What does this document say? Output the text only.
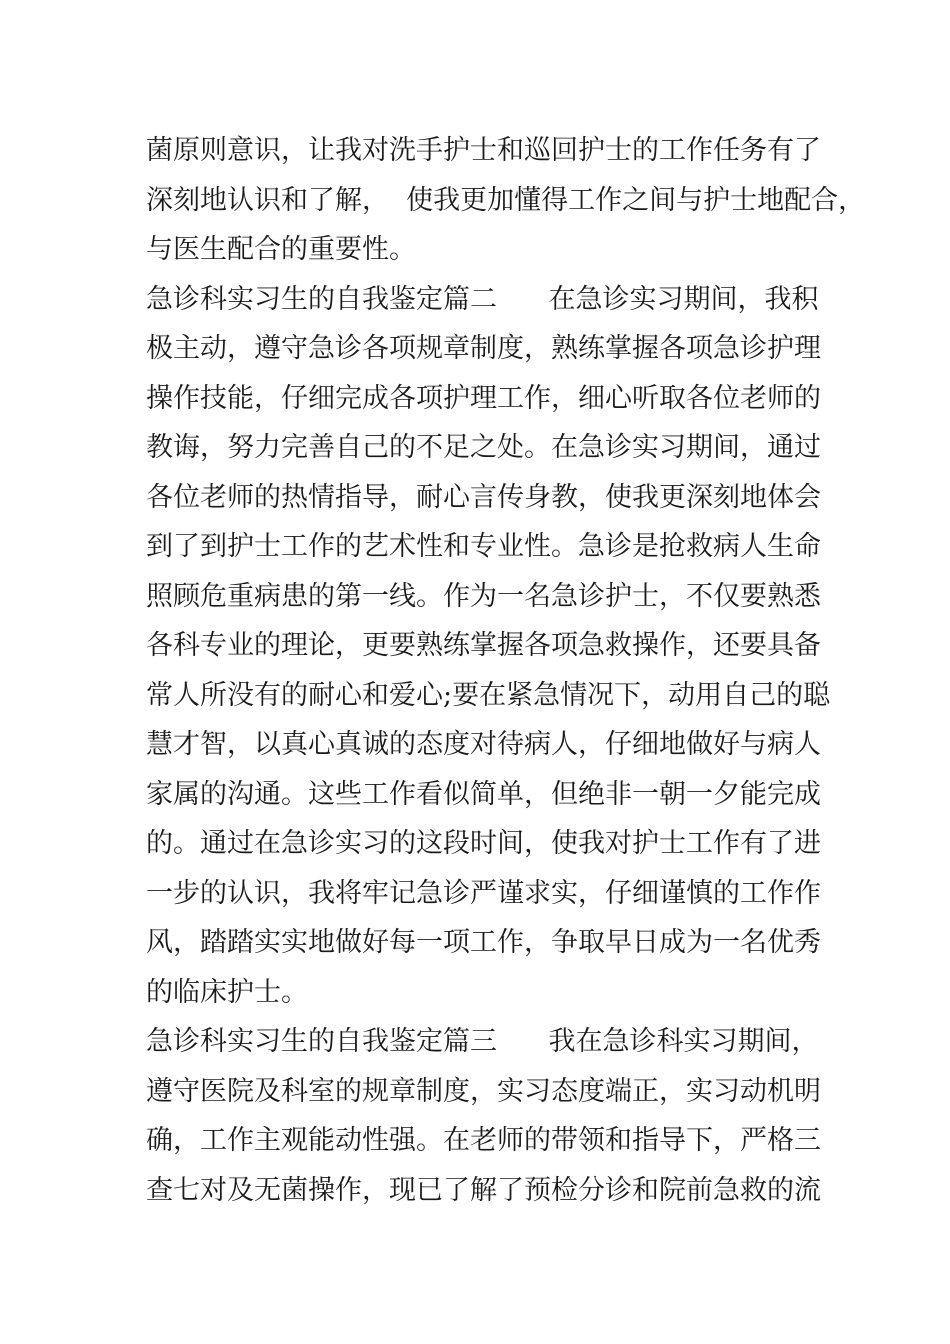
菌原则意识，让我对洗手护士和巡回护士的工作任务有了
深刻地认识和了解，  使我更加懂得工作之间与护士地配合，
与医生配合的重要性。
急诊科实习生的自我鉴定篇二      在急诊实习期间，我积
极主动，遵守急诊各项规章制度，熟练掌握各项急诊护理
操作技能，仔细完成各项护理工作，细心听取各位老师的
教诲，努力完善自己的不足之处。在急诊实习期间，通过
各位老师的热情指导，耐心言传身教，使我更深刻地体会
到了到护士工作的艺术性和专业性。急诊是抢救病人生命
照顾危重病患的第一线。作为一名急诊护士，不仅要熟悉
各科专业的理论，更要熟练掌握各项急救操作，还要具备
常人所没有的耐心和爱心;要在紧急情况下，动用自己的聪
慧才智，以真心真诚的态度对待病人，仔细地做好与病人
家属的沟通。这些工作看似简单，但绝非一朝一夕能完成
的。通过在急诊实习的这段时间，使我对护士工作有了进
一步的认识，我将牢记急诊严谨求实，仔细谨慎的工作作
风，踏踏实实地做好每一项工作，争取早日成为一名优秀
的临床护士。
急诊科实习生的自我鉴定篇三      我在急诊科实习期间，
遵守医院及科室的规章制度，实习态度端正，实习动机明
确，工作主观能动性强。在老师的带领和指导下，严格三
查七对及无菌操作，现已了解了预检分诊和院前急救的流
